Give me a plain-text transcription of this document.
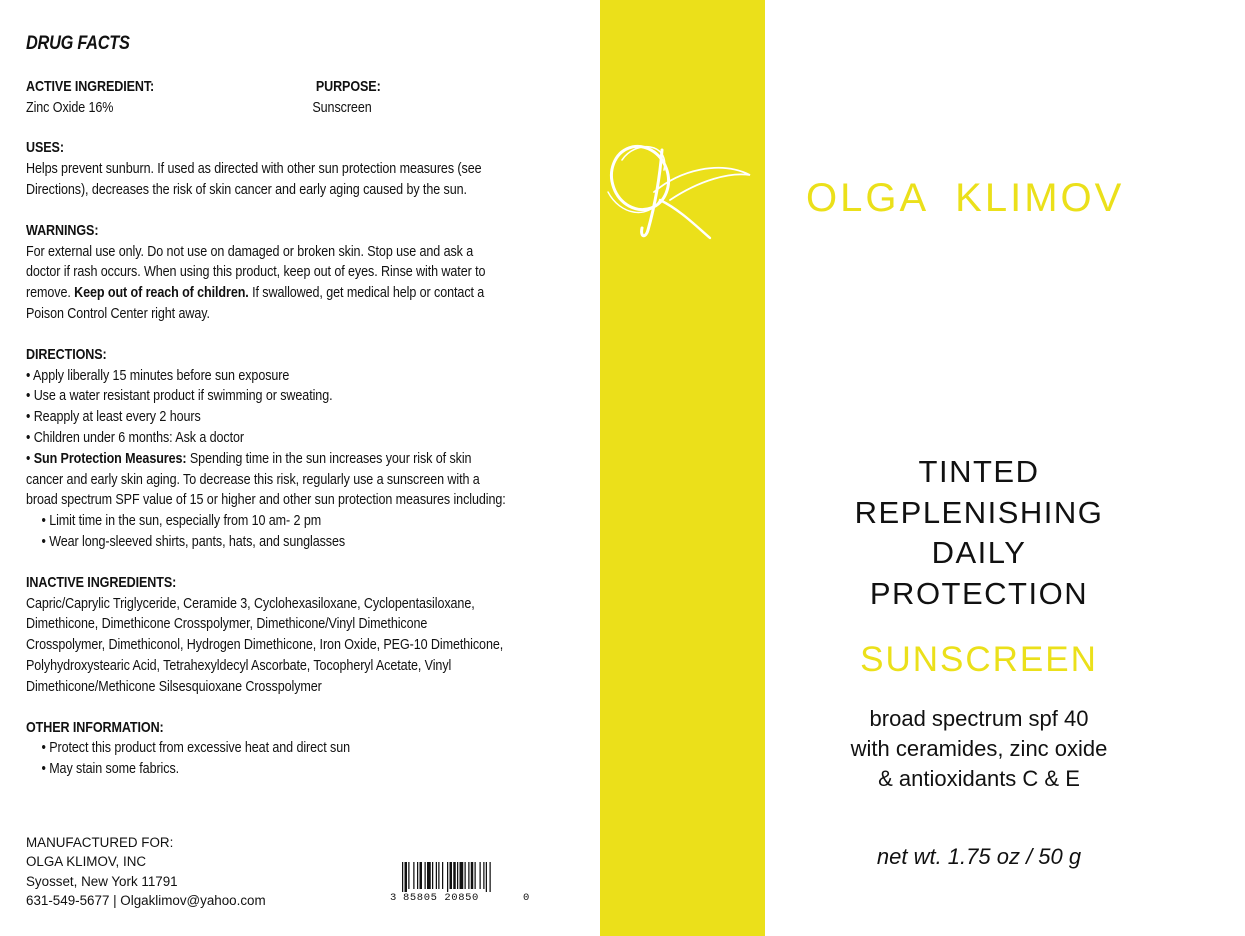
DRUG FACTS
ACTIVE INGREDIENT:	PURPOSE:
Zinc Oxide 16%	Sunscreen
USES:

Helps prevent sunburn. If used as directed with other sun protection measures (see Directions), decreases the risk of skin cancer and early aging caused by the sun.

WARNINGS:

For external use only. Do not use on damaged or broken skin. Stop use and ask a doctor if rash occurs. When using this product, keep out of eyes. Rinse with water to remove. Keep out of reach of children. If swallowed, get medical help or contact a Poison Control Center right away.

DIRECTIONS:
• Apply liberally 15 minutes before sun exposure
• Use a water resistant product if swimming or sweating.
• Reapply at least every 2 hours
• Children under 6 months: Ask a doctor

• Sun Protection Measures: Spending time in the sun increases your risk of skin cancer and early skin aging. To decrease this risk, regularly use a sunscreen with a broad spectrum SPF value of 15 or higher and other sun protection measures including:

• Limit time in the sun, especially from 10 am- 2 pm
• Wear long-sleeved shirts, pants, hats, and sunglasses
INACTIVE INGREDIENTS:

Capric/Caprylic Triglyceride, Ceramide 3, Cyclohexasiloxane, Cyclopentasiloxane, Dimethicone, Dimethicone Crosspolymer, Dimethicone/Vinyl Dimethicone Crosspolymer, Dimethiconol, Hydrogen Dimethicone, Iron Oxide, PEG-10 Dimethicone, Polyhydroxystearic Acid, Tetrahexyldecyl Ascorbate, Tocopheryl Acetate, Vinyl Dimethicone/Methicone Silsesquioxane Crosspolymer

OTHER INFORMATION:
• Protect this product from excessive heat and direct sun
• May stain some fabrics.
MANUFACTURED FOR:
OLGA KLIMOV, INC
Syosset, New York 11791
631-549-5677 | Olgaklimov@yahoo.com	3 85805 20850	0
OLGA  KLIMOV
TINTED
REPLENISHING
DAILY
PROTECTION
SUNSCREEN
broad spectrum spf 40
with ceramides, zinc oxide
& antioxidants C & E
net wt. 1.75 oz / 50 g
